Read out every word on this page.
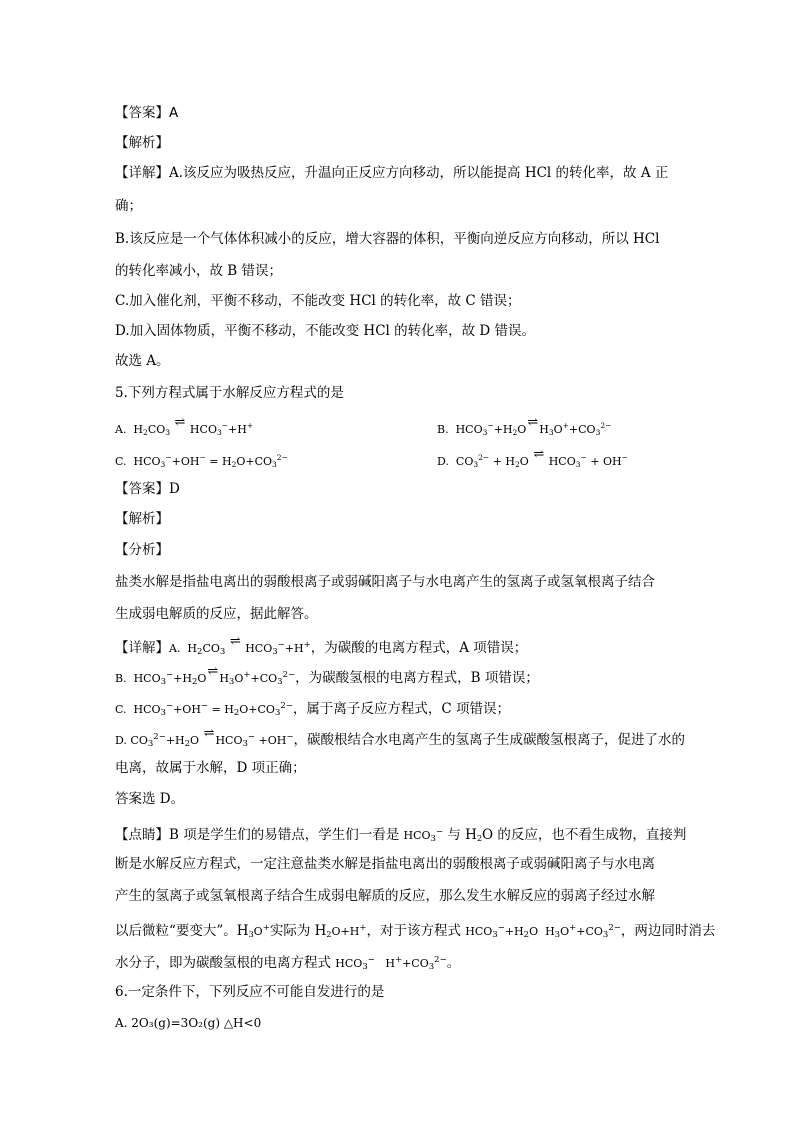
【答案】A
【解析】
【详解】A.该反应为吸热反应，升温向正反应方向移动，所以能提高 HCl 的转化率，故 A 正
确；
B.该反应是一个气体体积减小的反应，增大容器的体积，平衡向逆反应方向移动，所以 HCl
的转化率减小，故 B 错误；
C.加入催化剂，平衡不移动，不能改变 HCl 的转化率，故 C 错误；
D.加入固体物质，平衡不移动，不能改变 HCl 的转化率，故 D 错误。
故选 A。
5.下列方程式属于水解反应方程式的是
A.  $H_2CO_3$ ⇌ $HCO_3^-+H^+$	B.  $HCO_3^-+H_2O\rightleftharpoons H_3O^++CO_3^{2-}$
C.  $HCO_3^-+OH^- = H_2O+CO_3^{2-}$	D.  $CO_3^{2-} + H_2O$ ⇌ $HCO_3^- + OH^-$
【答案】D
【解析】
【分析】
盐类水解是指盐电离出的弱酸根离子或弱碱阳离子与水电离产生的氢离子或氢氧根离子结合
生成弱电解质的反应，据此解答。
【详解】A.  $H_2CO_3$ ⇌ $HCO_3^-+H^+$，为碳酸的电离方程式，A 项错误；
B.  $HCO_3^-+H_2O\rightleftharpoons H_3O^++CO_3^{2-}$，为碳酸氢根的电离方程式，B 项错误；
C.  $HCO_3^-+OH^- = H_2O+CO_3^{2-}$，属于离子反应方程式，C 项错误；
D. $CO_3^{2-}+H_2O$ $\rightleftharpoons HCO_3^- +OH^-$，碳酸根结合水电离产生的氢离子生成碳酸氢根离子，促进了水的
电离，故属于水解，D 项正确；
答案选 D。
【点睛】B 项是学生们的易错点，学生们一看是 $HCO_3^-$ 与 $H_2O$ 的反应，也不看生成物，直接判
断是水解反应方程式，一定注意盐类水解是指盐电离出的弱酸根离子或弱碱阳离子与水电离
产生的氢离子或氢氧根离子结合生成弱电解质的反应，那么发生水解反应的弱离子经过水解
以后微粒“要变大”。$H_3O^+$实际为 $H_2O+H^+$，对于该方程式 $HCO_3^-+H_2O$  $H_3O^++CO_3^{2-}$，两边同时消去
水分子，即为碳酸氢根的电离方程式 $HCO_3^-$   $H^++CO_3^{2-}$。
6.一定条件下，下列反应不可能自发进行的是
A. 2O₃(g)=3O₂(g) △H<0
